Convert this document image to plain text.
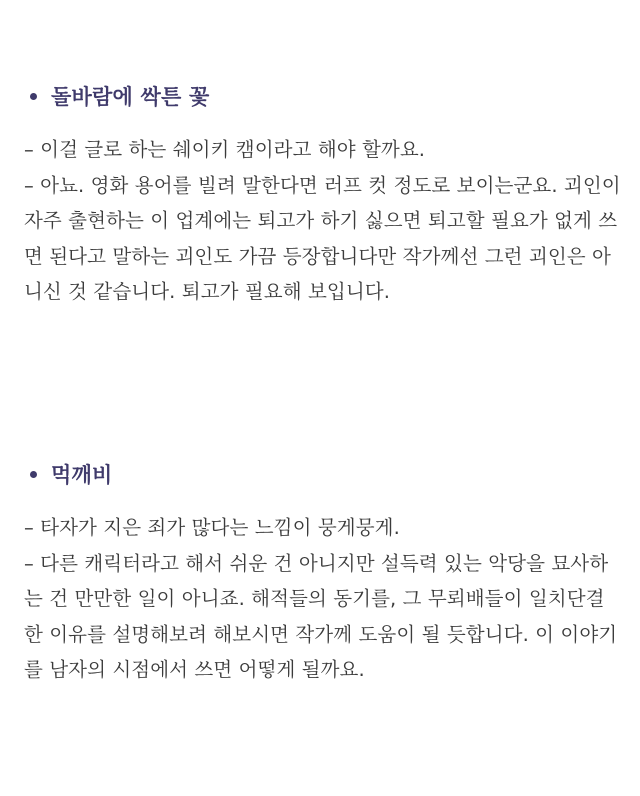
돌바람에 싹튼 꽃

– 이걸 글로 하는 쉐이키 캠이라고 해야 할까요.

– 아뇨. 영화 용어를 빌려 말한다면 러프 컷 정도로 보이는군요. 괴인이 자주 출현하는 이 업계에는 퇴고가 하기 싫으면 퇴고할 필요가 없게 쓰면 된다고 말하는 괴인도 가끔 등장합니다만 작가께선 그런 괴인은 아니신 것 같습니다. 퇴고가 필요해 보입니다.

먹깨비

– 타자가 지은 죄가 많다는 느낌이 뭉게뭉게.

– 다른 캐릭터라고 해서 쉬운 건 아니지만 설득력 있는 악당을 묘사하는 건 만만한 일이 아니죠. 해적들의 동기를, 그 무뢰배들이 일치단결한 이유를 설명해보려 해보시면 작가께 도움이 될 듯합니다. 이 이야기를 남자의 시점에서 쓰면 어떻게 될까요.
